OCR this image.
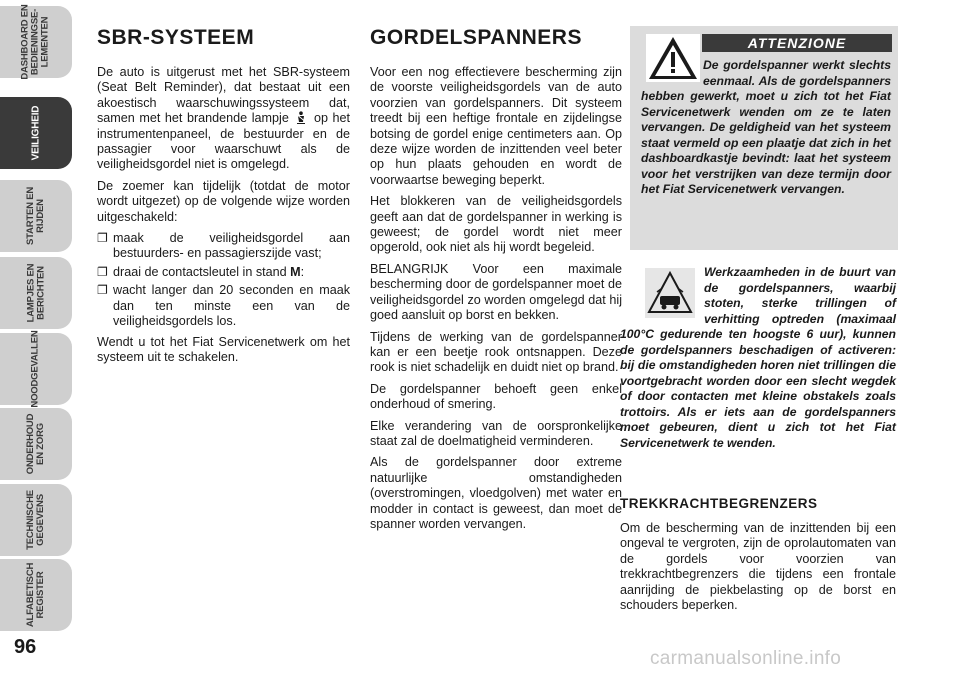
DASHBOARD EN
BEDIENINGSE-
LEMENTEN
VEILIGHEID
STARTEN EN
RIJDEN
LAMPJES EN
BERICHTEN
NOODGEVALLEN
ONDERHOUD
EN ZORG
TECHNISCHE
GEGEVENS
ALFABETISCH
REGISTER
96
SBR-SYSTEEM

De auto is uitgerust met het SBR-systeem (Seat Belt Reminder), dat bestaat uit een akoestisch waarschuwingssysteem dat, samen met het brandende lampje op het instrumentenpaneel, de bestuurder en de passagier voor waarschuwt als de veiligheidsgordel niet is omgelegd.

De zoemer kan tijdelijk (totdat de motor wordt uitgezet) op de volgende wijze worden uitgeschakeld:

❐ maak de veiligheidsgordel aan bestuurders- en passagierszijde vast;
❐ draai de contactsleutel in stand M:
❐ wacht langer dan 20 seconden en maak dan ten minste een van de veiligheidsgordels los.

Wendt u tot het Fiat Servicenetwerk om het systeem uit te schakelen.

GORDELSPANNERS

Voor een nog effectievere bescherming zijn de voorste veiligheidsgordels van de auto voorzien van gordelspanners. Dit systeem treedt bij een heftige frontale en zijdelingse botsing de gordel enige centimeters aan. Op deze wijze worden de inzittenden veel beter op hun plaats gehouden en wordt de voorwaartse beweging beperkt.

Het blokkeren van de veiligheidsgordels geeft aan dat de gordelspanner in werking is geweest; de gordel wordt niet meer opgerold, ook niet als hij wordt begeleid.

BELANGRIJK Voor een maximale bescherming door de gordelspanner moet de veiligheidsgordel zo worden omgelegd dat hij goed aansluit op borst en bekken.

Tijdens de werking van de gordelspanner kan er een beetje rook ontsnappen. Deze rook is niet schadelijk en duidt niet op brand.

De gordelspanner behoeft geen enkel onderhoud of smering.

Elke verandering van de oorspronkelijke staat zal de doelmatigheid verminderen.

Als de gordelspanner door extreme natuurlijke omstandigheden (overstromingen, vloedgolven) met water en modder in contact is geweest, dan moet de spanner worden vervangen.

ATTENZIONE
De gordelspanner werkt slechts eenmaal. Als de gordelspanners hebben gewerkt, moet u zich tot het Fiat Servicenetwerk wenden om ze te laten vervangen. De geldigheid van het systeem staat vermeld op een plaatje dat zich in het dashboardkastje bevindt: laat het systeem voor het verstrijken van deze termijn door het Fiat Servicenetwerk vervangen.
Werkzaamheden in de buurt van de gordelspanners, waarbij stoten, sterke trillingen of verhitting optreden (maximaal 100°C gedurende ten hoogste 6 uur), kunnen de gordelspanners beschadigen of activeren: bij die omstandigheden horen niet trillingen die voortgebracht worden door een slecht wegdek of door contacten met kleine obstakels zoals trottoirs. Als er iets aan de gordelspanners moet gebeuren, dient u zich tot het Fiat Servicenetwerk te wenden.
TREKKRACHTBEGRENZERS

Om de bescherming van de inzittenden bij een ongeval te vergroten, zijn de oprolautomaten van de gordels voor voorzien van trekkrachtbegrenzers die tijdens een frontale aanrijding de piekbelasting op de borst en schouders beperken.

carmanualsonline.info
